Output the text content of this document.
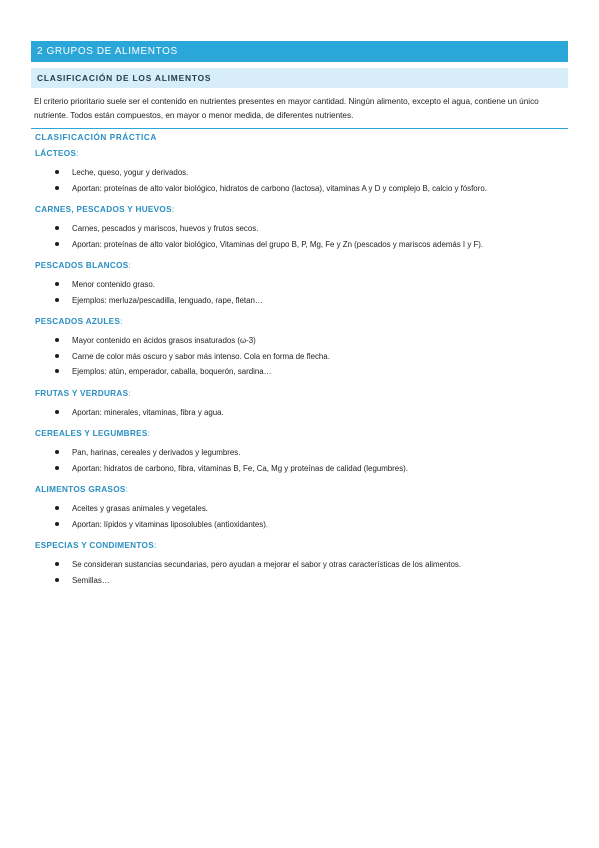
2 GRUPOS DE ALIMENTOS
CLASIFICACIÓN DE LOS ALIMENTOS
El criterio prioritario suele ser el contenido en nutrientes presentes en mayor cantidad. Ningún alimento, excepto el agua, contiene un único nutriente. Todos están compuestos, en mayor o menor medida, de diferentes nutrientes.
CLASIFICACIÓN PRÁCTICA
LÁCTEOS:
Leche, queso, yogur y derivados.
Aportan: proteínas de alto valor biológico, hidratos de carbono (lactosa), vitaminas A y D y complejo B, calcio y fósforo.
CARNES, PESCADOS Y HUEVOS:
Carnes, pescados y mariscos, huevos y frutos secos.
Aportan: proteínas de alto valor biológico, Vitaminas del grupo B, P, Mg, Fe y Zn (pescados y mariscos además I y F).
PESCADOS BLANCOS:
Menor contenido graso.
Ejemplos: merluza/pescadilla, lenguado, rape, fletan…
PESCADOS AZULES:
Mayor contenido en ácidos grasos insaturados (ω-3)
Carne de color más oscuro y sabor más intenso. Cola en forma de flecha.
Ejemplos: atún, emperador, caballa, boquerón, sardina…
FRUTAS Y VERDURAS:
Aportan: minerales, vitaminas, fibra y agua.
CEREALES Y LEGUMBRES:
Pan, harinas, cereales y derivados y legumbres.
Aportan: hidratos de carbono, fibra, vitaminas B, Fe, Ca, Mg y proteínas de calidad (legumbres).
ALIMENTOS GRASOS:
Aceites y grasas animales y vegetales.
Aportan: lípidos y vitaminas liposolubles (antioxidantes).
ESPECIAS Y CONDIMENTOS:
Se consideran sustancias secundarias, pero ayudan a mejorar el sabor y otras características de los alimentos.
Semillas…
